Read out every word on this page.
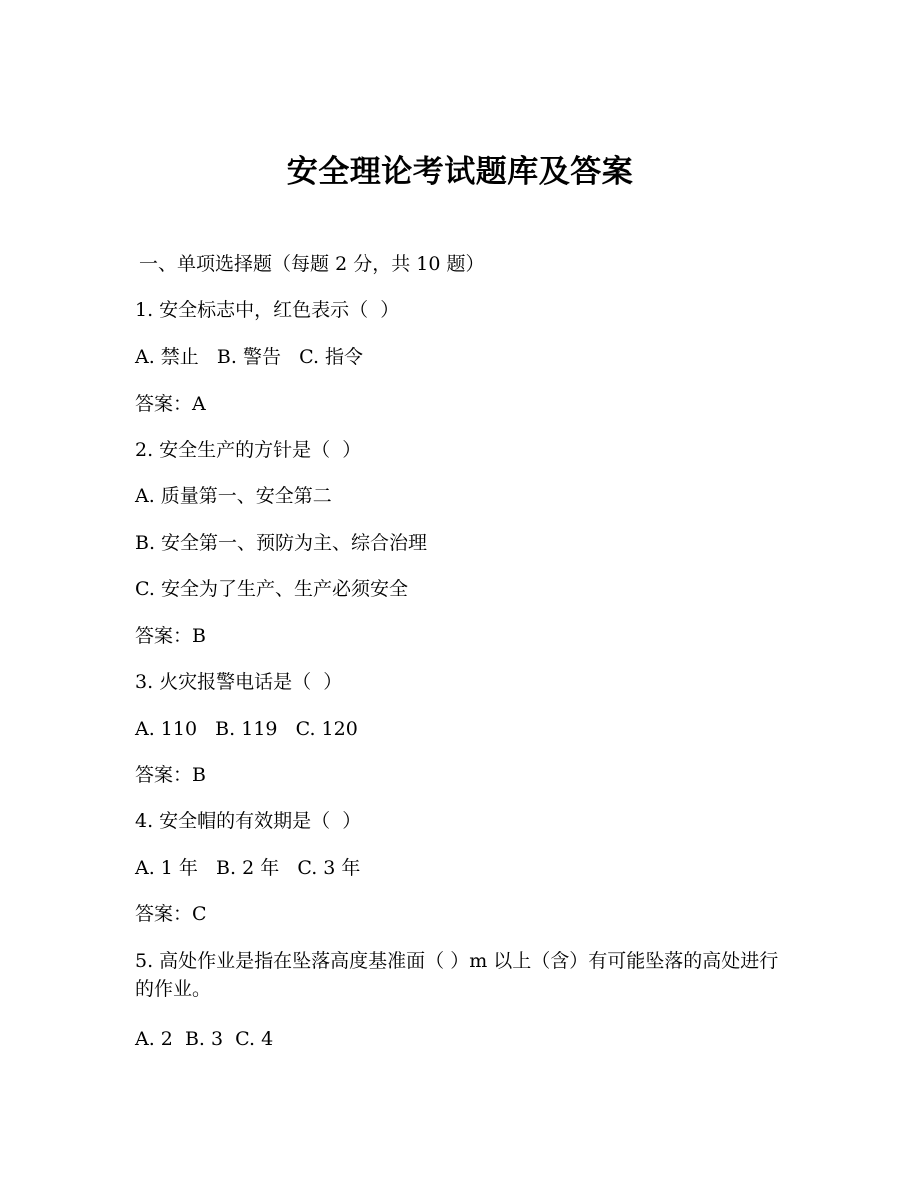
安全理论考试题库及答案
一、单项选择题（每题 2 分，共 10 题）
1. 安全标志中，红色表示（  ）
A. 禁止   B. 警告   C. 指令
答案：A
2. 安全生产的方针是（  ）
A. 质量第一、安全第二
B. 安全第一、预防为主、综合治理
C. 安全为了生产、生产必须安全
答案：B
3. 火灾报警电话是（  ）
A. 110   B. 119   C. 120
答案：B
4. 安全帽的有效期是（  ）
A. 1 年   B. 2 年   C. 3 年
答案：C
5. 高处作业是指在坠落高度基准面（ ）m 以上（含）有可能坠落的高处进行的作业。
A. 2  B. 3  C. 4
